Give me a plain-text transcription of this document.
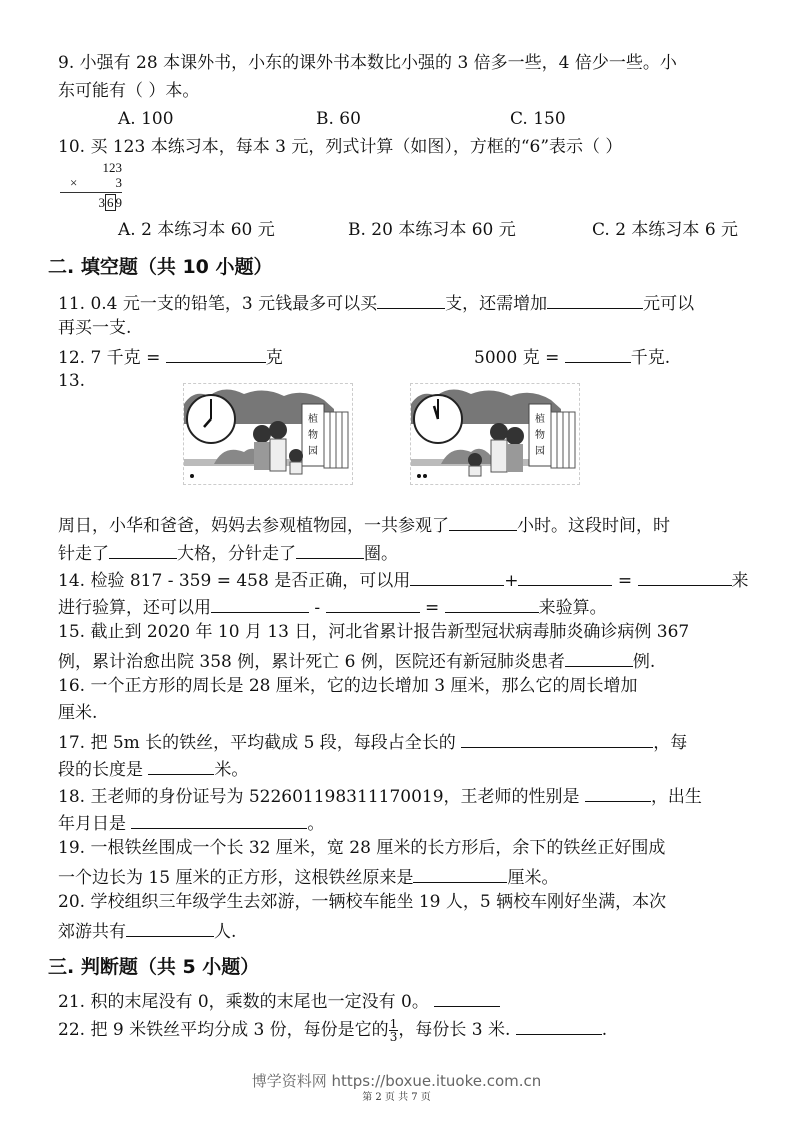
9. 小强有 28 本课外书，小东的课外书本数比小强的 3 倍多一些，4 倍少一些。小
东可能有（ ）本。
A. 100	B. 60	C. 150
10. 买 123 本练习本，每本 3 元，列式计算（如图），方框的“6”表示（ ）
123
×	3
3 6 9
A. 2 本练习本 60 元	B. 20 本练习本 60 元	C. 2 本练习本 6 元
二. 填空题（共 10 小题）
11. 0.4 元一支的铅笔，3 元钱最多可以买	支，还需增加	元可以
再买一支.
12. 7 千克 =	克	5000 克 =	千克.
13.
植
物
园
植
物
园
周日，小华和爸爸，妈妈去参观植物园，一共参观了	小时。这段时间，时
针走了	大格，分针走了	圈。
14. 检验 817 - 359 = 458 是否正确，可以用	+	=	来
进行验算，还可以用	-	=	来验算。
15. 截止到 2020 年 10 月 13 日，河北省累计报告新型冠状病毒肺炎确诊病例 367
例，累计治愈出院 358 例，累计死亡 6 例，医院还有新冠肺炎患者	例.
16. 一个正方形的周长是 28 厘米，它的边长增加 3 厘米，那么它的周长增加
厘米.
17. 把 5m 长的铁丝，平均截成 5 段，每段占全长的	，每
段的长度是	米。
18. 王老师的身份证号为 522601198311170019，王老师的性别是	，出生
年月日是	。
19. 一根铁丝围成一个长 32 厘米，宽 28 厘米的长方形后，余下的铁丝正好围成
一个边长为 15 厘米的正方形，这根铁丝原来是	厘米。
20. 学校组织三年级学生去郊游，一辆校车能坐 19 人，5 辆校车刚好坐满，本次
郊游共有	人.
三. 判断题（共 5 小题）
21. 积的末尾没有 0，乘数的末尾也一定没有 0。
22. 把 9 米铁丝平均分成 3 份，每份是它的 $\frac{1}{3}$ ，每份长 3 米.	.
博学资料网 https://boxue.ituoke.com.cn
第 2 页 共 7 页
